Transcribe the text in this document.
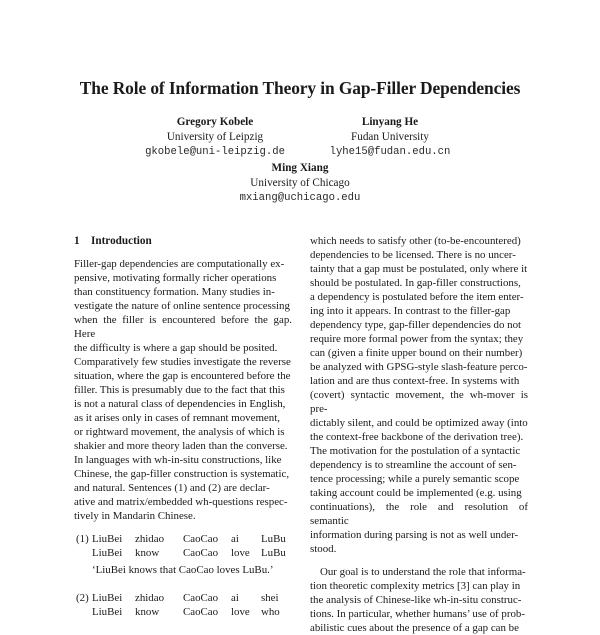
The Role of Information Theory in Gap-Filler Dependencies
Gregory Kobele
University of Leipzig
gkobele@uni-leipzig.de
Linyang He
Fudan University
lyhe15@fudan.edu.cn
Ming Xiang
University of Chicago
mxiang@uchicago.edu
1 Introduction
Filler-gap dependencies are computationally ex-
pensive, motivating formally richer operations
than constituency formation. Many studies in-
vestigate the nature of online sentence processing
when the filler is encountered before the gap. Here
the difficulty is where a gap should be posited.
Comparatively few studies investigate the reverse
situation, where the gap is encountered before the
filler. This is presumably due to the fact that this
is not a natural class of dependencies in English,
as it arises only in cases of remnant movement,
or rightward movement, the analysis of which is
shakier and more theory laden than the converse.
In languages with wh-in-situ constructions, like
Chinese, the gap-filler construction is systematic,
and natural. Sentences (1) and (2) are declar-
ative and matrix/embedded wh-questions respec-
tively in Mandarin Chinese.
(1) LiuBei zhidao CaoCao ai LuBu
LiuBei know CaoCao love LuBu
‘LiuBei knows that CaoCao loves LuBu.’
(2) LiuBei zhidao CaoCao ai shei
LiuBei know CaoCao love who
which needs to satisfy other (to-be-encountered)
dependencies to be licensed. There is no uncer-
tainty that a gap must be postulated, only where it
should be postulated. In gap-filler constructions,
a dependency is postulated before the item enter-
ing into it appears. In contrast to the filler-gap
dependency type, gap-filler dependencies do not
require more formal power from the syntax; they
can (given a finite upper bound on their number)
be analyzed with GPSG-style slash-feature perco-
lation and are thus context-free. In systems with
(covert) syntactic movement, the wh-mover is pre-
dictably silent, and could be optimized away (into
the context-free backbone of the derivation tree).
The motivation for the postulation of a syntactic
dependency is to streamline the account of sen-
tence processing; while a purely semantic scope
taking account could be implemented (e.g. using
continuations), the role and resolution of semantic
information during parsing is not as well under-
stood.
Our goal is to understand the role that informa-
tion theoretic complexity metrics [3] can play in
the analysis of Chinese-like wh-in-situ construc-
tions. In particular, whether humans’ use of prob-
abilistic cues about the presence of a gap can be
